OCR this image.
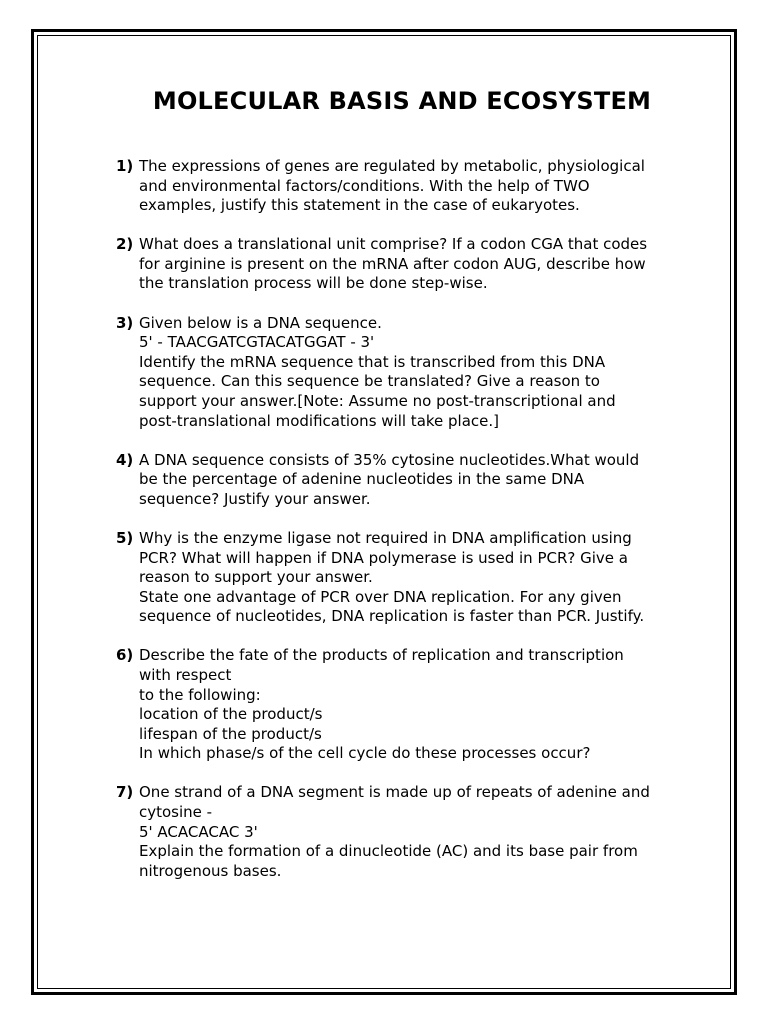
MOLECULAR BASIS AND ECOSYSTEM
1) The expressions of genes are regulated by metabolic, physiological
and environmental factors/conditions. With the help of TWO
examples, justify this statement in the case of eukaryotes.
2) What does a translational unit comprise? If a codon CGA that codes
for arginine is present on the mRNA after codon AUG, describe how
the translation process will be done step-wise.
3) Given below is a DNA sequence.
5' - TAACGATCGTACATGGAT - 3'
Identify the mRNA sequence that is transcribed from this DNA
sequence. Can this sequence be translated? Give a reason to
support your answer.[Note: Assume no post-transcriptional and
post-translational modifications will take place.]
4) A DNA sequence consists of 35% cytosine nucleotides.What would
be the percentage of adenine nucleotides in the same DNA
sequence? Justify your answer.
5) Why is the enzyme ligase not required in DNA amplification using
PCR? What will happen if DNA polymerase is used in PCR? Give a
reason to support your answer.
State one advantage of PCR over DNA replication. For any given
sequence of nucleotides, DNA replication is faster than PCR. Justify.
6) Describe the fate of the products of replication and transcription
with respect
to the following:
location of the product/s
lifespan of the product/s
In which phase/s of the cell cycle do these processes occur?
7) One strand of a DNA segment is made up of repeats of adenine and
cytosine -
5' ACACACAC 3'
Explain the formation of a dinucleotide (AC) and its base pair from
nitrogenous bases.
